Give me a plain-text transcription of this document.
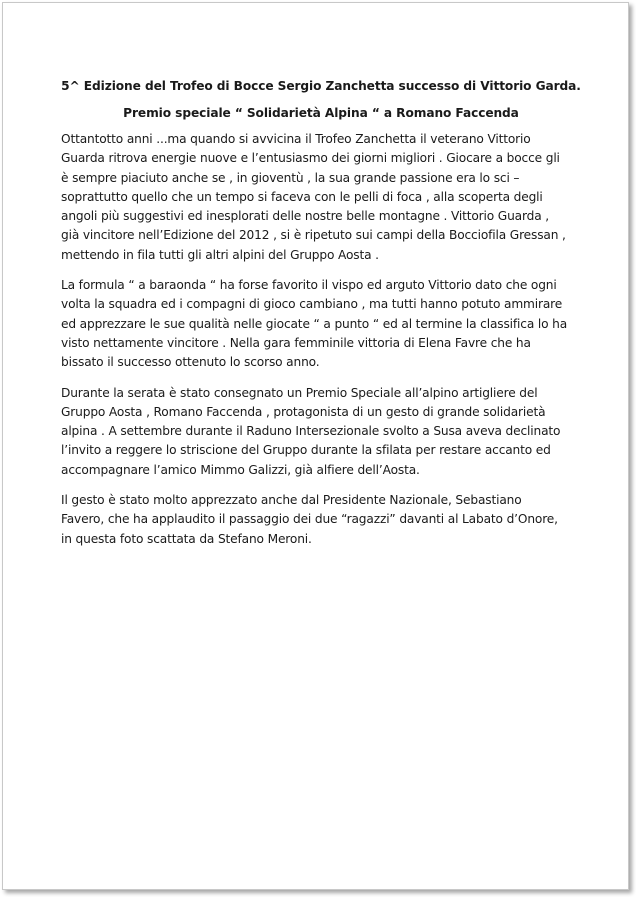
5^ Edizione del Trofeo di Bocce Sergio Zanchetta successo di Vittorio Garda.

Premio speciale “ Solidarietà Alpina “ a Romano Faccenda

Ottantotto anni ...ma quando si avvicina il Trofeo Zanchetta il veterano Vittorio
Guarda ritrova energie nuove e l’entusiasmo dei giorni migliori . Giocare a bocce gli
è sempre piaciuto anche se , in gioventù , la sua grande passione era lo sci –
soprattutto quello che un tempo si faceva con le pelli di foca , alla scoperta degli
angoli più suggestivi ed inesplorati delle nostre belle montagne . Vittorio Guarda ,
già vincitore nell’Edizione del 2012 , si è ripetuto sui campi della Bocciofila Gressan ,
mettendo in fila tutti gli altri alpini del Gruppo Aosta .

La formula “ a baraonda “ ha forse favorito il vispo ed arguto Vittorio dato che ogni
volta la squadra ed i compagni di gioco cambiano , ma tutti hanno potuto ammirare
ed apprezzare le sue qualità nelle giocate “ a punto “ ed al termine la classifica lo ha
visto nettamente vincitore . Nella gara femminile vittoria di Elena Favre che ha
bissato il successo ottenuto lo scorso anno.

Durante la serata è stato consegnato un Premio Speciale all’alpino artigliere del
Gruppo Aosta , Romano Faccenda , protagonista di un gesto di grande solidarietà
alpina . A settembre durante il Raduno Intersezionale svolto a Susa aveva declinato
l’invito a reggere lo striscione del Gruppo durante la sfilata per restare accanto ed
accompagnare l’amico Mimmo Galizzi, già alfiere dell’Aosta.

Il gesto è stato molto apprezzato anche dal Presidente Nazionale, Sebastiano
Favero, che ha applaudito il passaggio dei due “ragazzi” davanti al Labato d’Onore,
in questa foto scattata da Stefano Meroni.
